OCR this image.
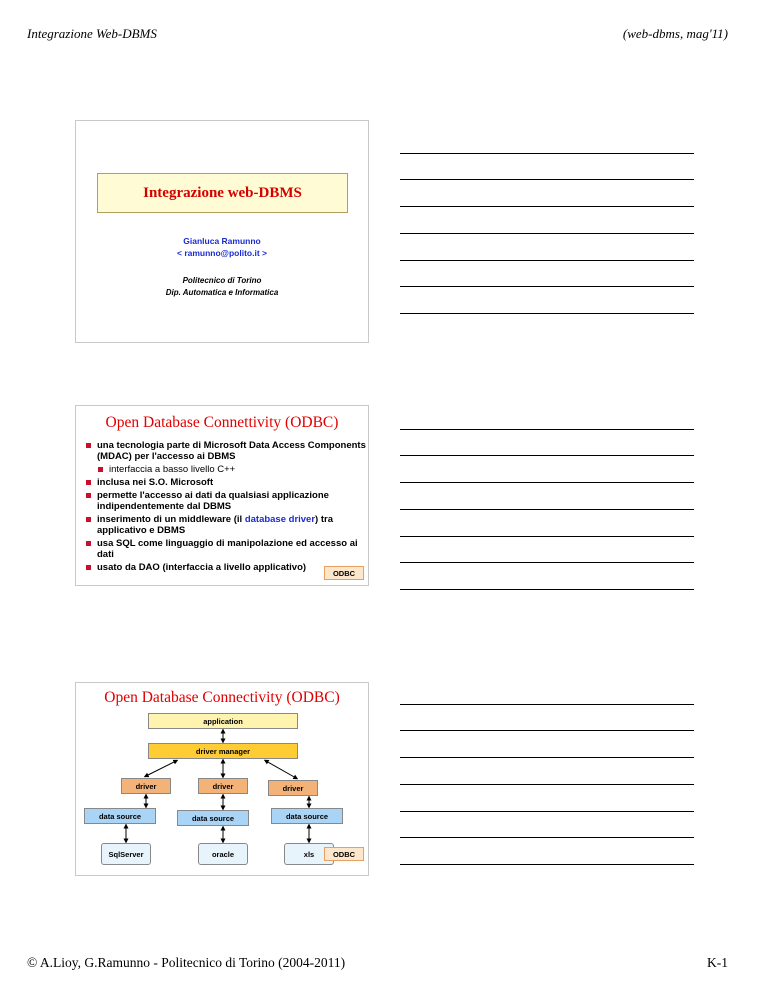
Integrazione Web-DBMS	(web-dbms, mag'11)
Integrazione web-DBMS
Gianluca Ramunno
< ramunno@polito.it >
Politecnico di Torino
Dip. Automatica e Informatica
Open Database Connettivity (ODBC)
una tecnologia parte di Microsoft Data Access Components (MDAC) per l'accesso ai DBMS
interfaccia a basso livello C++
inclusa nei S.O. Microsoft
permette l'accesso ai dati da qualsiasi applicazione indipendentemente dal DBMS
inserimento di un middleware (il database driver) tra applicativo e DBMS
usa SQL come linguaggio di manipolazione ed accesso ai dati
usato da DAO (interfaccia a livello applicativo)	ODBC
Open Database Connectivity (ODBC)
application
driver manager
driver	driver	driver
data source	data source	data source
SqlServer	oracle	xls	ODBC
© A.Lioy, G.Ramunno - Politecnico di Torino (2004-2011)	K-1
